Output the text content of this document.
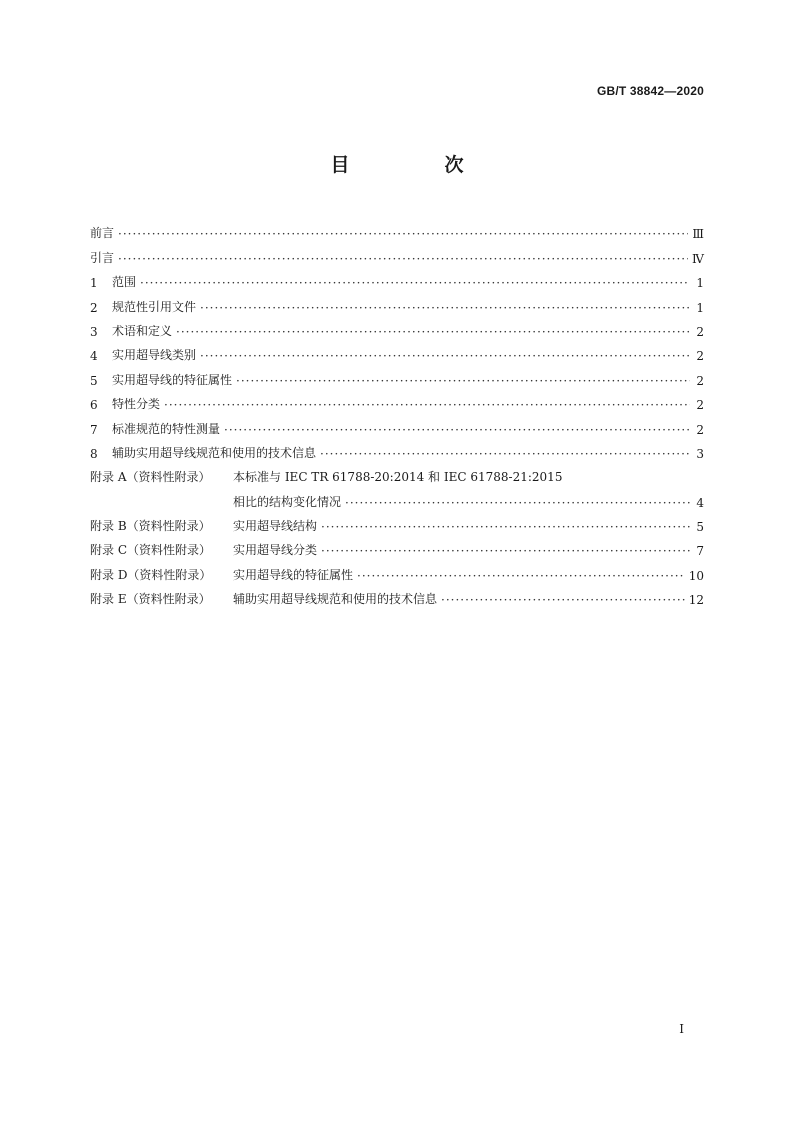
GB/T 38842—2020
目　次
前言 ·····	Ⅲ
引言 ·····	Ⅳ
1	范围 ·····	1
2	规范性引用文件 ·····	1
3	术语和定义 ·····	2
4	实用超导线类别 ·····	2
5	实用超导线的特征属性 ·····	2
6	特性分类 ·····	2
7	标准规范的特性测量 ·····	2
8	辅助实用超导线规范和使用的技术信息 ·····	3
附录 A（资料性附录）	本标准与 IEC TR 61788-20:2014 和 IEC 61788-21:2015
相比的结构变化情况 ·····	4
附录 B（资料性附录）	实用超导线结构 ·····	5
附录 C（资料性附录）	实用超导线分类 ·····	7
附录 D（资料性附录）	实用超导线的特征属性 ·····	10
附录 E（资料性附录）	辅助实用超导线规范和使用的技术信息 ·····	12
I
